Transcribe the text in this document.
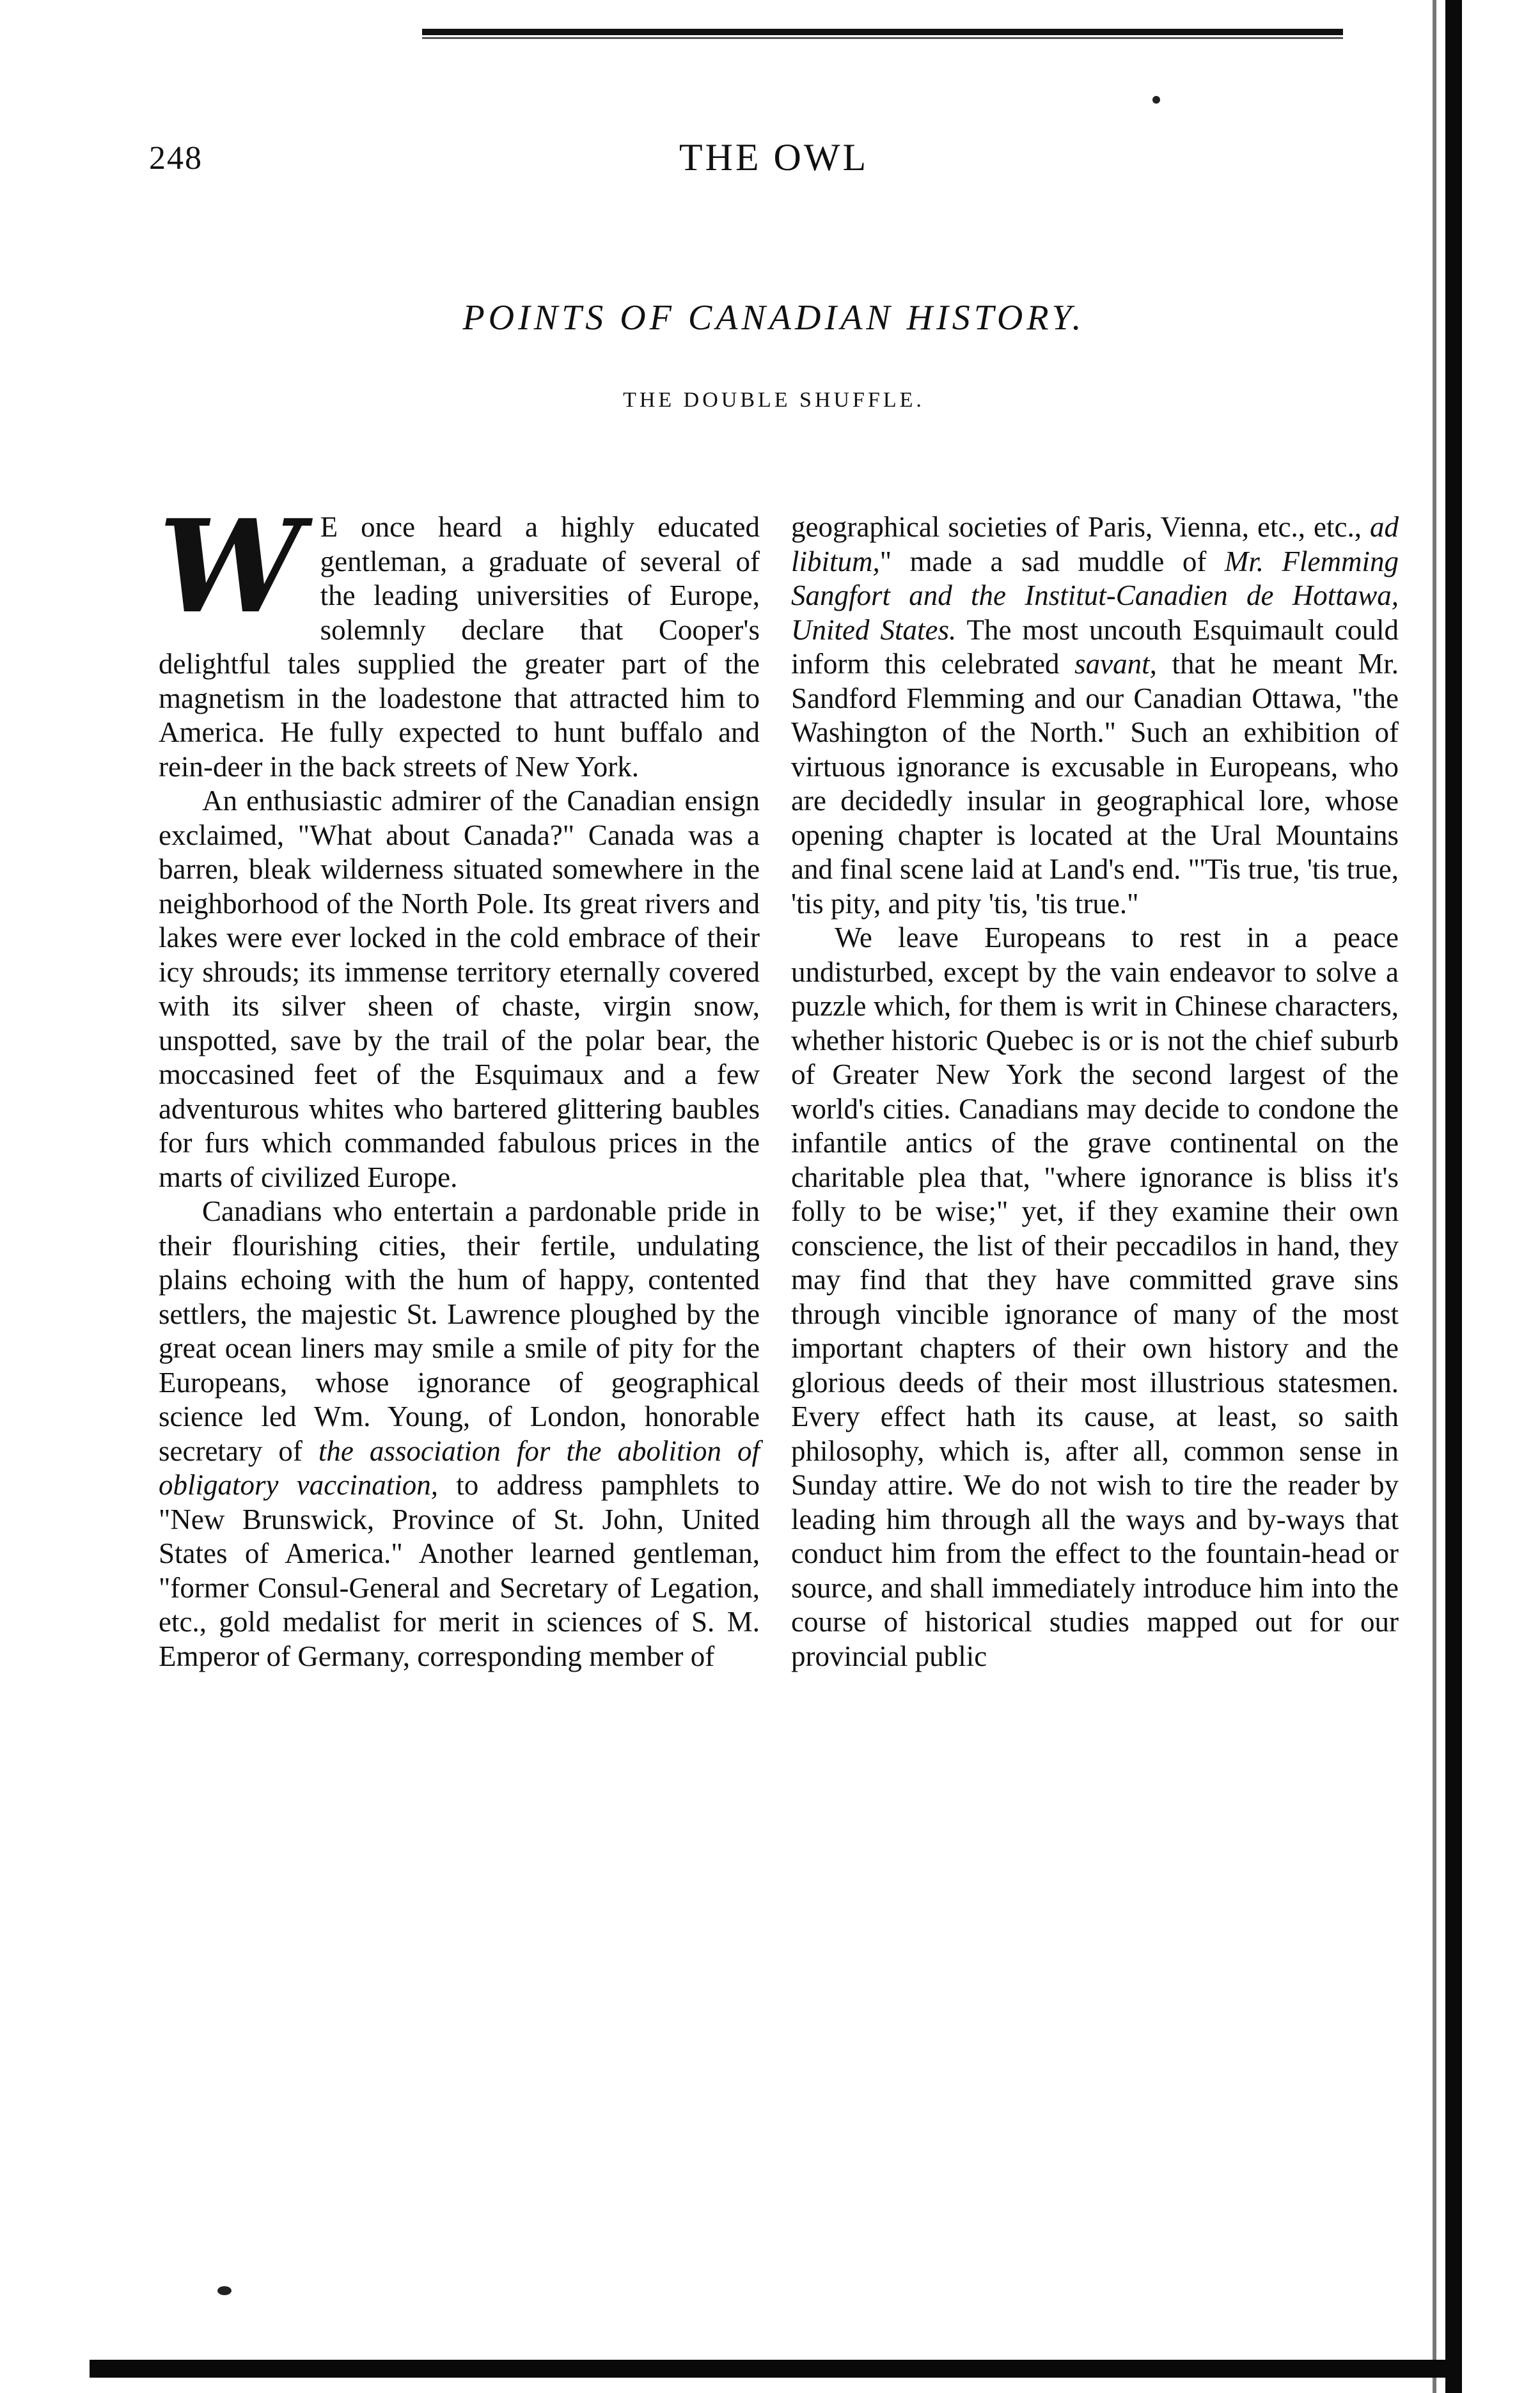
248	THE OWL
POINTS OF CANADIAN HISTORY.
THE DOUBLE SHUFFLE.

W E once heard a highly educated gentleman, a graduate of several of the leading universities of Europe, solemnly declare that Cooper's delightful tales supplied the greater part of the magnetism in the loadestone that attracted him to America. He fully expected to hunt buffalo and rein-deer in the back streets of New York.

An enthusiastic admirer of the Canadian ensign exclaimed, "What about Canada?" Canada was a barren, bleak wilderness situated somewhere in the neighborhood of the North Pole. Its great rivers and lakes were ever locked in the cold embrace of their icy shrouds; its immense territory eternally covered with its silver sheen of chaste, virgin snow, unspotted, save by the trail of the polar bear, the moccasined feet of the Esquimaux and a few adventurous whites who bartered glittering baubles for furs which commanded fabulous prices in the marts of civilized Europe.

Canadians who entertain a pardonable pride in their flourishing cities, their fertile, undulating plains echoing with the hum of happy, contented settlers, the majestic St. Lawrence ploughed by the great ocean liners may smile a smile of pity for the Europeans, whose ignorance of geographical science led Wm. Young, of London, honorable secretary of the association for the abolition of obligatory vaccination, to address pamphlets to "New Brunswick, Province of St. John, United States of America." Another learned gentleman, "former Consul-General and Secretary of Legation, etc., gold medalist for merit in sciences of S. M. Emperor of Germany, corresponding member of

geographical societies of Paris, Vienna, etc., etc., ad libitum," made a sad muddle of Mr. Flemming Sangfort and the Institut-Canadien de Hottawa, United States. The most uncouth Esquimault could inform this celebrated savant, that he meant Mr. Sandford Flemming and our Canadian Ottawa, "the Washington of the North." Such an exhibition of virtuous ignorance is excusable in Europeans, who are decidedly insular in geographical lore, whose opening chapter is located at the Ural Mountains and final scene laid at Land's end. "'Tis true, 'tis true, 'tis pity, and pity 'tis, 'tis true."

We leave Europeans to rest in a peace undisturbed, except by the vain endeavor to solve a puzzle which, for them is writ in Chinese characters, whether historic Quebec is or is not the chief suburb of Greater New York the second largest of the world's cities. Canadians may decide to condone the infantile antics of the grave continental on the charitable plea that, "where ignorance is bliss it's folly to be wise;" yet, if they examine their own conscience, the list of their peccadilos in hand, they may find that they have committed grave sins through vincible ignorance of many of the most important chapters of their own history and the glorious deeds of their most illustrious statesmen. Every effect hath its cause, at least, so saith philosophy, which is, after all, common sense in Sunday attire. We do not wish to tire the reader by leading him through all the ways and by-ways that conduct him from the effect to the fountain-head or source, and shall immediately introduce him into the course of historical studies mapped out for our provincial public
